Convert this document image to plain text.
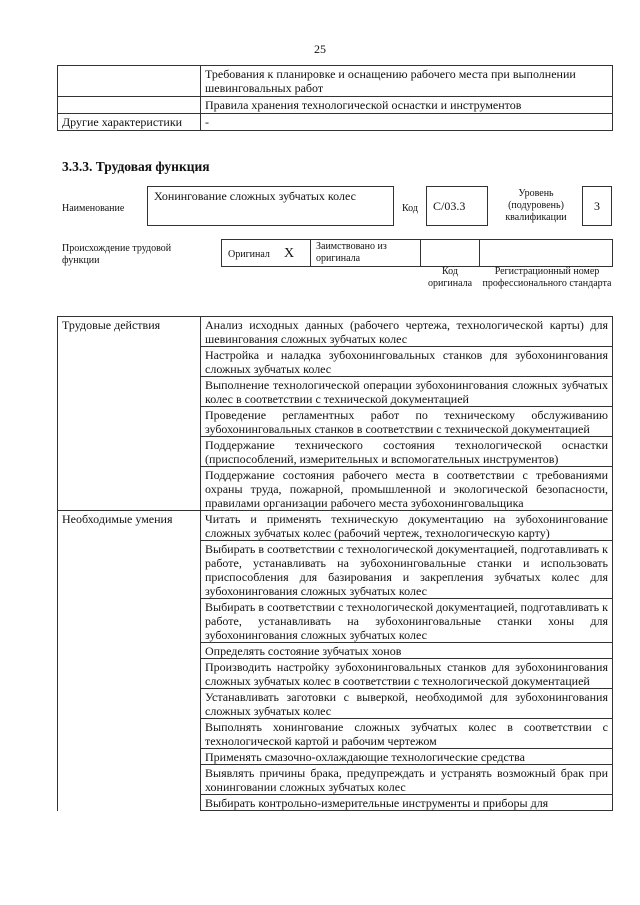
25
	Требования к планировке и оснащению рабочего места при выполнении шевинговальных работ
	Правила хранения технологической оснастки и инструментов
Другие характеристики	-
3.3.3. Трудовая функция
Наименование
Хонингование сложных зубчатых колес
Код	C/03.3
Уровень (подуровень) квалификации
3
Происхождение трудовой функции
Оригинал X Заимствовано из оригинала
Код оригинала
Регистрационный номер профессионального стандарта
Трудовые действия	Анализ исходных данных (рабочего чертежа, технологической карты) для шевингования сложных зубчатых колес
	Настройка и наладка зубохонинговальных станков для зубохонингования сложных зубчатых колес
	Выполнение технологической операции зубохонингования сложных зубчатых колес в соответствии с технической документацией
	Проведение регламентных работ по техническому обслуживанию зубохонинговальных станков в соответствии с технической документацией
	Поддержание технического состояния технологической оснастки (приспособлений, измерительных и вспомогательных инструментов)
	Поддержание состояния рабочего места в соответствии с требованиями охраны труда, пожарной, промышленной и экологической безопасности, правилами организации рабочего места зубохонинговальщика
Необходимые умения	Читать и применять техническую документацию на зубохонингование сложных зубчатых колес (рабочий чертеж, технологическую карту)
	Выбирать в соответствии с технологической документацией, подготавливать к работе, устанавливать на зубохонинговальные станки и использовать приспособления для базирования и закрепления зубчатых колес для зубохонингования сложных зубчатых колес
	Выбирать в соответствии с технологической документацией, подготавливать к работе, устанавливать на зубохонинговальные станки хоны для зубохонингования сложных зубчатых колес
	Определять состояние зубчатых хонов
	Производить настройку зубохонинговальных станков для зубохонингования сложных зубчатых колес в соответствии с технологической документацией
	Устанавливать заготовки с выверкой, необходимой для зубохонингования сложных зубчатых колес
	Выполнять хонингование сложных зубчатых колес в соответствии с технологической картой и рабочим чертежом
	Применять смазочно-охлаждающие технологические средства
	Выявлять причины брака, предупреждать и устранять возможный брак при хонинговании сложных зубчатых колес
	Выбирать контрольно-измерительные инструменты и приборы для
